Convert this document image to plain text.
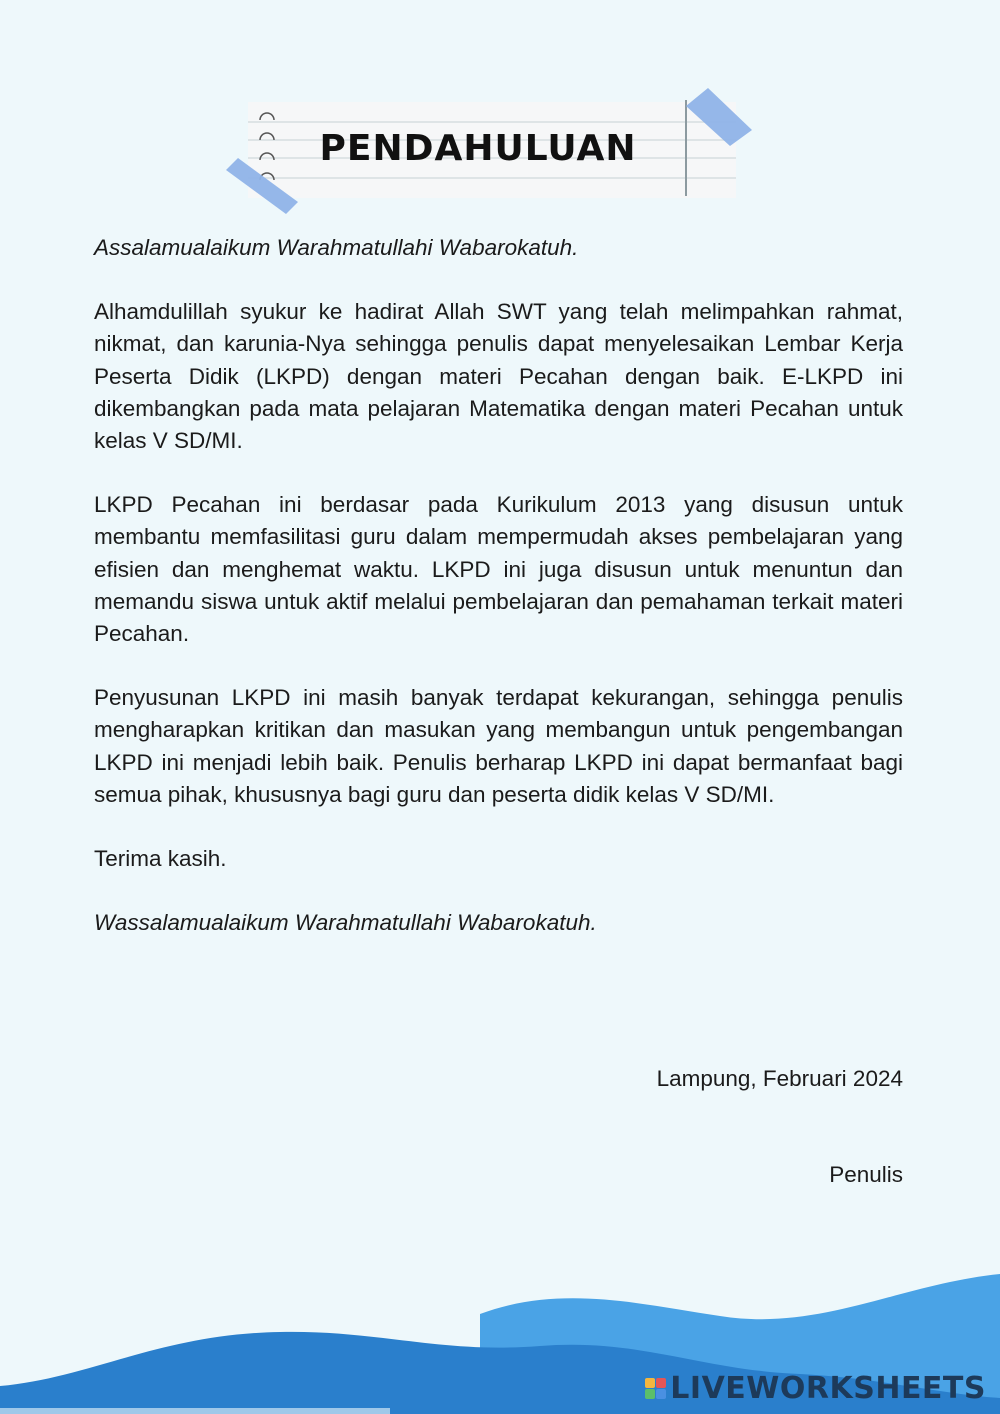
PENDAHULUAN

Assalamualaikum Warahmatullahi Wabarokatuh.

Alhamdulillah syukur ke hadirat Allah SWT yang telah melimpahkan rahmat, nikmat, dan karunia-Nya sehingga penulis dapat menyelesaikan Lembar Kerja Peserta Didik (LKPD) dengan materi Pecahan dengan baik. E-LKPD ini dikembangkan pada mata pelajaran Matematika dengan materi Pecahan untuk kelas V SD/MI.

LKPD Pecahan ini berdasar pada Kurikulum 2013 yang disusun untuk membantu memfasilitasi guru dalam mempermudah akses pembelajaran yang efisien dan menghemat waktu. LKPD ini juga disusun untuk menuntun dan memandu siswa untuk aktif melalui pembelajaran dan pemahaman terkait materi Pecahan.

Penyusunan LKPD ini masih banyak terdapat kekurangan, sehingga penulis mengharapkan kritikan dan masukan yang membangun untuk pengembangan LKPD ini menjadi lebih baik. Penulis berharap LKPD ini dapat bermanfaat bagi semua pihak, khususnya bagi guru dan peserta didik kelas V SD/MI.

Terima kasih.

Wassalamualaikum Warahmatullahi Wabarokatuh.

Lampung, Februari 2024
Penulis
LIVEWORKSHEETS
